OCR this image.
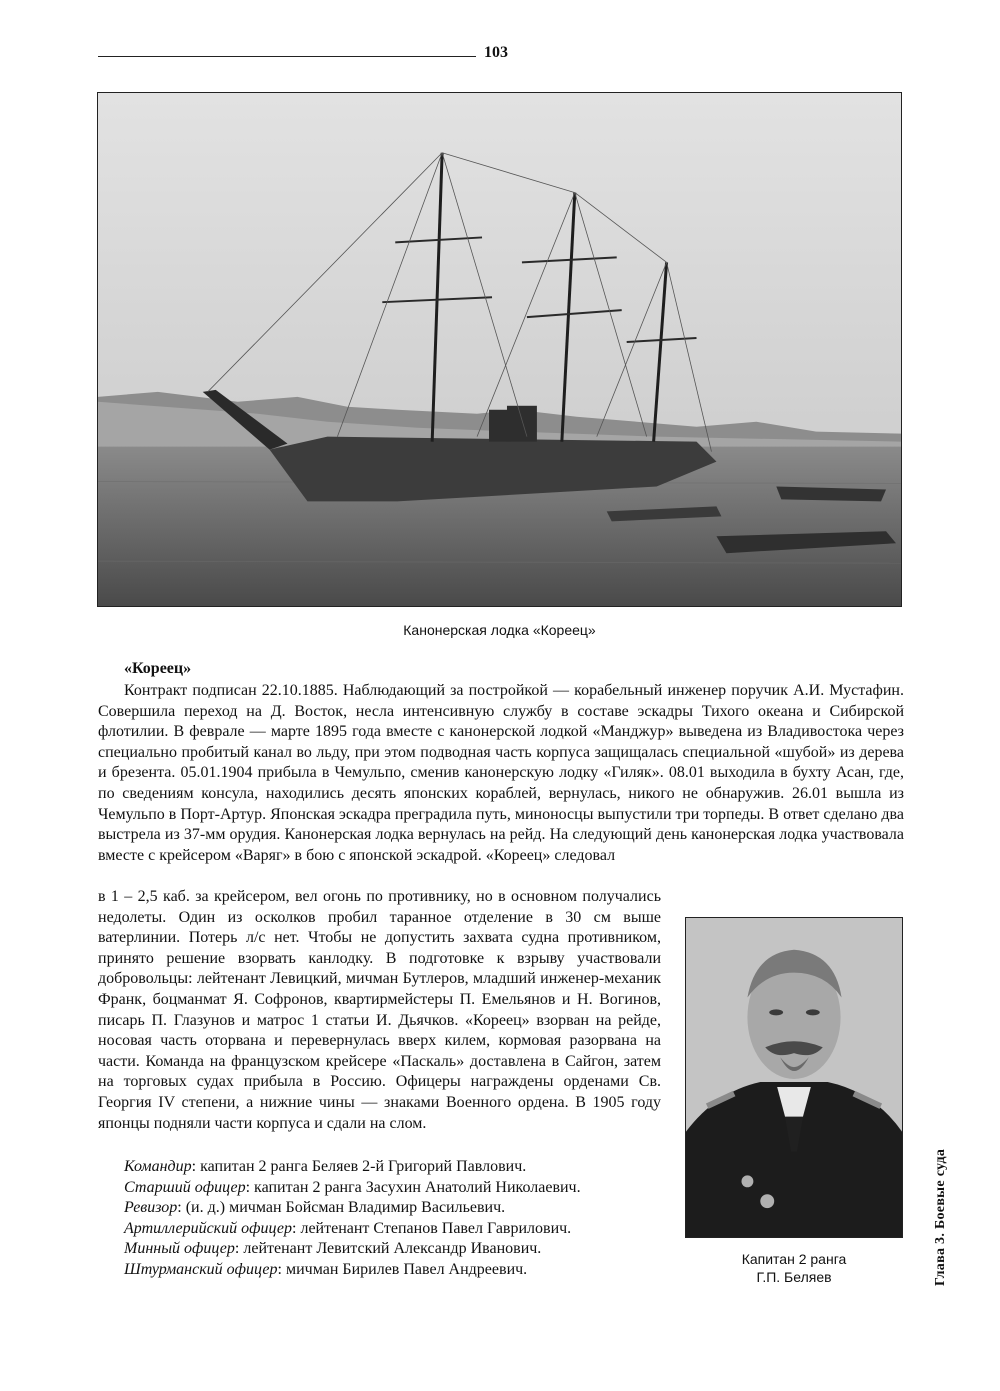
103
Канонерская лодка «Кореец»
«Кореец»
Контракт подписан 22.10.1885. Наблюдающий за постройкой — корабельный инженер поручик А.И. Мустафин. Совершила переход на Д. Восток, несла интенсивную службу в составе эскадры Тихого океана и Сибирской флотилии. В феврале — марте 1895 года вместе с канонерской лодкой «Манджур» выведена из Владивостока через специально пробитый канал во льду, при этом подводная часть корпуса защищалась специальной «шубой» из дерева и брезента. 05.01.1904 прибыла в Чемульпо, сменив канонерскую лодку «Гиляк». 08.01 выходила в бухту Асан, где, по сведениям консула, находились десять японских кораблей, вернулась, никого не обнаружив. 26.01 вышла из Чемульпо в Порт-Артур. Японская эскадра преградила путь, миноносцы выпустили три торпеды. В ответ сделано два выстрела из 37-мм орудия. Канонерская лодка вернулась на рейд. На следующий день канонерская лодка участвовала вместе с крейсером «Варяг» в бою с японской эскадрой. «Кореец» следовал
в 1 – 2,5 каб. за крейсером, вел огонь по противнику, но в основном получались недолеты. Один из осколков пробил таранное отделение в 30 см выше ватерлинии. Потерь л/с нет. Чтобы не допустить захвата судна противником, принято решение взорвать канлодку. В подготовке к взрыву участвовали добровольцы: лейтенант Левицкий, мичман Бутлеров, младший инженер-механик Франк, боцманмат Я. Софронов, квартирмейстеры П. Емельянов и Н. Вогинов, писарь П. Глазунов и матрос 1 статьи И. Дьячков. «Кореец» взорван на рейде, носовая часть оторвана и перевернулась вверх килем, кормовая разорвана на части. Команда на французском крейсере «Паскаль» доставлена в Сайгон, затем на торговых судах прибыла в Россию. Офицеры награждены орденами Св. Георгия IV степени, а нижние чины — знаками Военного ордена. В 1905 году японцы подняли части корпуса и сдали на слом.
Командир: капитан 2 ранга Беляев 2-й Григорий Павлович.
Старший офицер: капитан 2 ранга Засухин Анатолий Николаевич.
Ревизор: (и. д.) мичман Бойсман Владимир Васильевич.
Артиллерийский офицер: лейтенант Степанов Павел Гаврилович.
Минный офицер: лейтенант Левитский Александр Иванович.
Штурманский офицер: мичман Бирилев Павел Андреевич.
Капитан 2 ранга
Г.П. Беляев	Глава 3. Боевые суда
